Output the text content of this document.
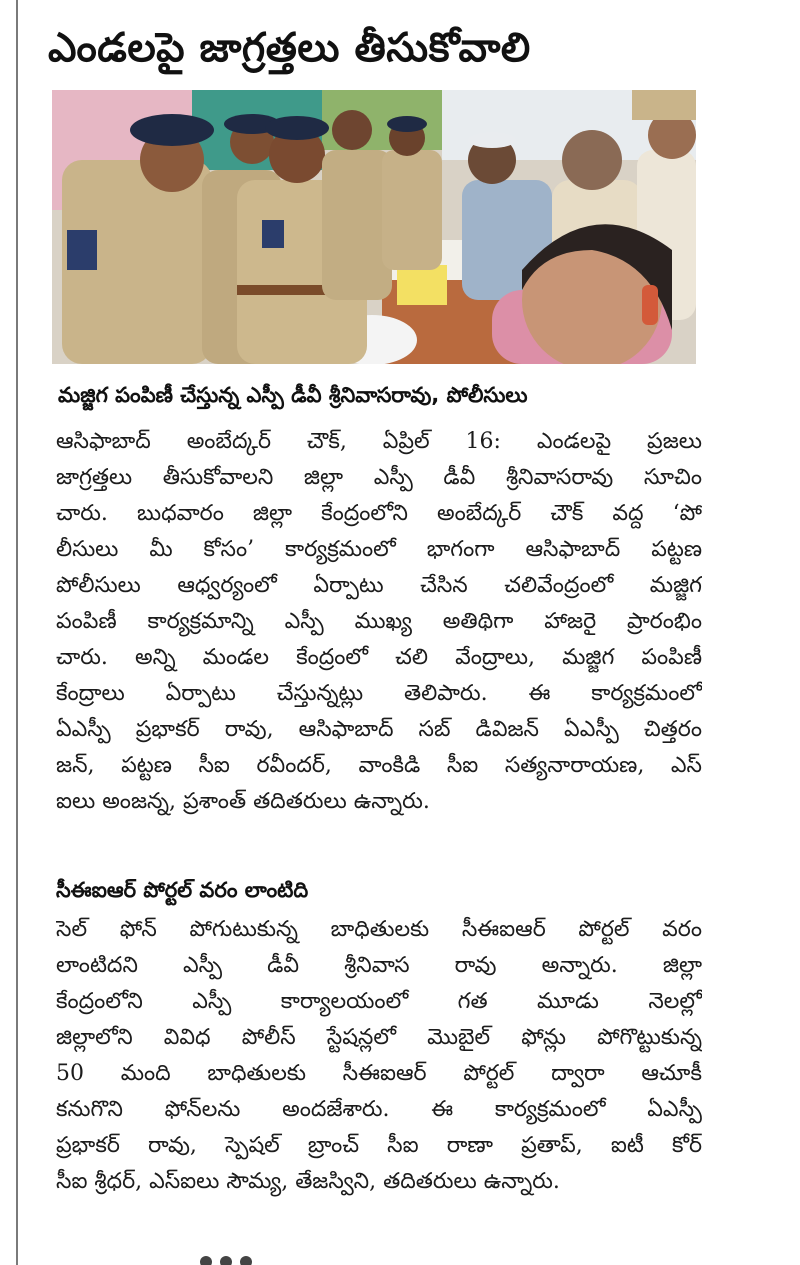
ఎండలపై జాగ్రత్తలు తీసుకోవాలి
మజ్జిగ పంపిణీ చేస్తున్న ఎస్పీ డీవీ శ్రీనివాసరావు, పోలీసులు
ఆసిఫాబాద్ అంబేద్కర్ చౌక్, ఏప్రిల్ 16: ఎండలపై ప్రజలు
జాగ్రత్తలు తీసుకోవాలని జిల్లా ఎస్పీ డీవీ శ్రీనివాసరావు సూచిం
చారు. బుధవారం జిల్లా కేంద్రంలోని అంబేద్కర్ చౌక్ వద్ద ‘పో
లీసులు మీ కోసం’ కార్యక్రమంలో భాగంగా ఆసిఫాబాద్ పట్టణ
పోలీసులు ఆధ్వర్యంలో ఏర్పాటు చేసిన చలివేంద్రంలో మజ్జిగ
పంపిణీ కార్యక్రమాన్ని ఎస్పీ ముఖ్య అతిథిగా హాజరై ప్రారంభిం
చారు. అన్ని మండల కేంద్రంలో చలి వేంద్రాలు, మజ్జిగ పంపిణీ
కేంద్రాలు ఏర్పాటు చేస్తున్నట్లు తెలిపారు. ఈ కార్యక్రమంలో
ఏఎస్పీ ప్రభాకర్ రావు, ఆసిఫాబాద్ సబ్ డివిజన్ ఏఎస్పీ చిత్తరం
జన్, పట్టణ సీఐ రవీందర్, వాంకిడి సీఐ సత్యనారాయణ, ఎస్
ఐలు అంజన్న, ప్రశాంత్ తదితరులు ఉన్నారు.
సీఈఐఆర్ పోర్టల్ వరం లాంటిది
సెల్ ఫోన్ పోగుటుకున్న బాధితులకు సీఈఐఆర్ పోర్టల్ వరం
లాంటిదని ఎస్పీ డీవీ శ్రీనివాస రావు అన్నారు. జిల్లా
కేంద్రంలోని ఎస్పీ కార్యాలయంలో గత మూడు నెలల్లో
జిల్లాలోని వివిధ పోలీస్ స్టేషన్లలో మొబైల్ ఫోన్లు పోగొట్టుకున్న
50 మంది బాధితులకు సీఈఐఆర్ పోర్టల్ ద్వారా ఆచూకీ
కనుగొని ఫోన్‌లను అందజేశారు. ఈ కార్యక్రమంలో ఏఎస్పీ
ప్రభాకర్ రావు, స్పెషల్ బ్రాంచ్ సీఐ రాణా ప్రతాప్, ఐటీ కోర్
సీఐ శ్రీధర్, ఎస్ఐలు సౌమ్య, తేజస్విని, తదితరులు ఉన్నారు.
